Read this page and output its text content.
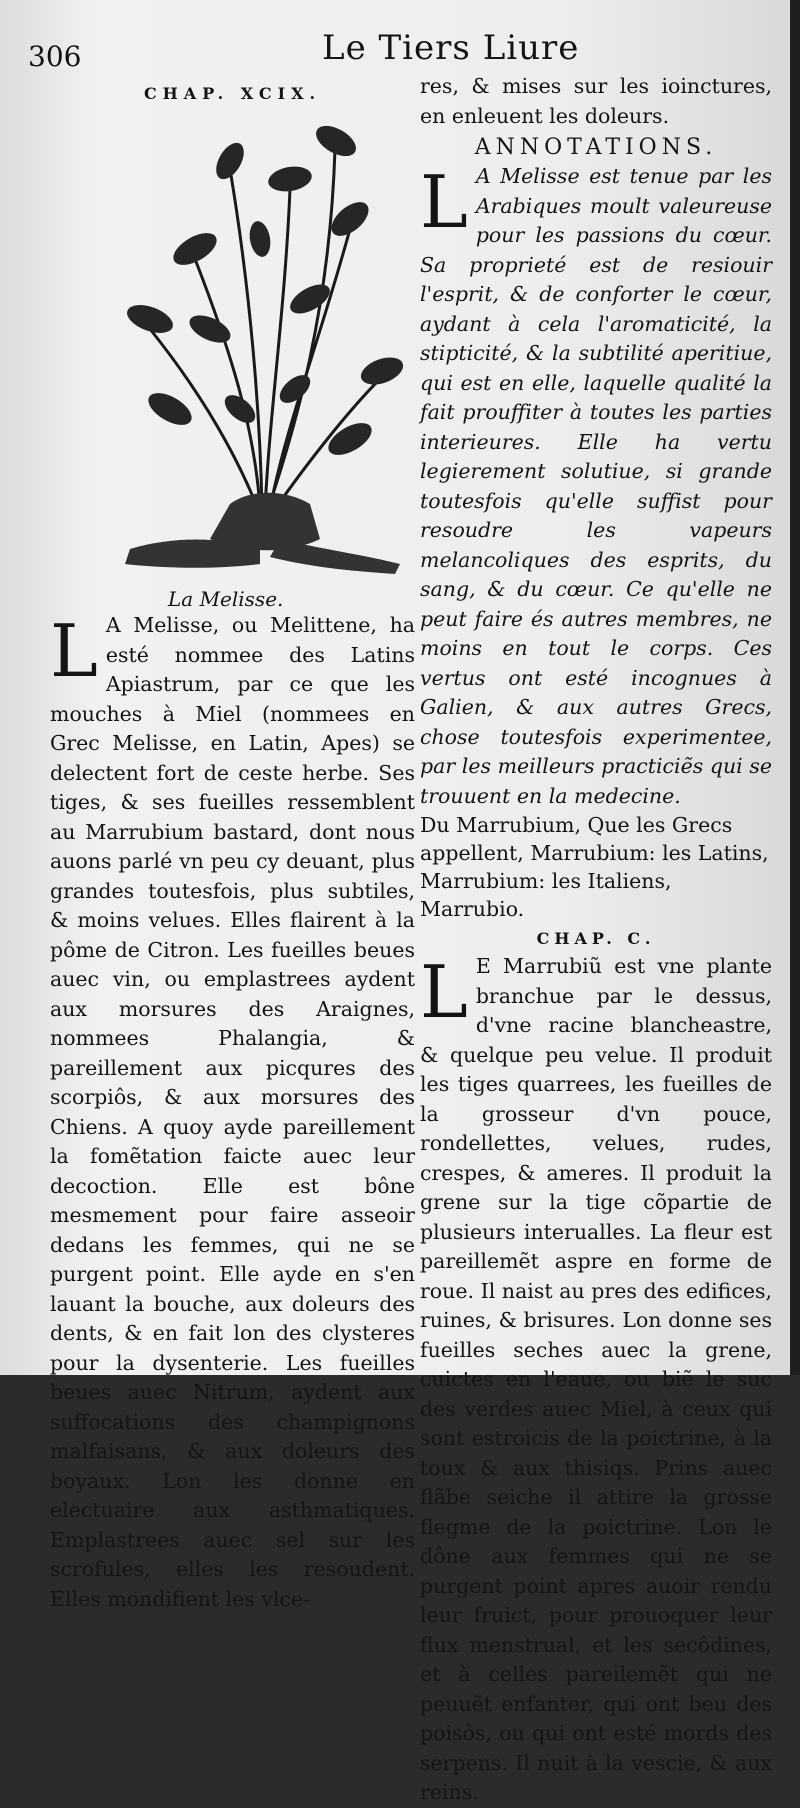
306	Le Tiers Liure
CHAP. XCIX.
La Melisse.

L A Melisse, ou Melittene, ha esté nommee des Latins Apiastrum, par ce que les mouches à Miel (nommees en Grec Melisse, en Latin, Apes) se delectent fort de ceste herbe. Ses tiges, & ses fueilles ressemblent au Marrubium bastard, dont nous auons parlé vn peu cy deuant, plus grandes toutesfois, plus subtiles, & moins velues. Elles flairent à la pôme de Citron. Les fueilles beues auec vin, ou emplastrees aydent aux morsures des Araignes, nommees Phalangia, & pareillement aux picqures des scorpiôs, & aux morsures des Chiens. A quoy ayde pareillement la fomẽtation faicte auec leur decoction. Elle est bône mesmement pour faire asseoir dedans les femmes, qui ne se purgent point. Elle ayde en s'en lauant la bouche, aux doleurs des dents, & en fait lon des clysteres pour la dysenterie. Les fueilles beues auec Nitrum, aydent aux suffocations des champignons malfaisans, & aux doleurs des boyaux. Lon les donne en electuaire aux asthmatiques. Emplastrees auec sel sur les scrofules, elles les resoudent. Elles mondifient les vlce-

res, & mises sur les ioinctures, en enleuent les doleurs.

ANNOTATIONS.

L A Melisse est tenue par les Arabiques moult valeureuse pour les passions du cœur. Sa proprieté est de resiouir l'esprit, & de conforter le cœur, aydant à cela l'aromaticité, la stipticité, & la subtilité aperitiue, qui est en elle, laquelle qualité la fait prouffiter à toutes les parties interieures. Elle ha vertu legierement solutiue, si grande toutesfois qu'elle suffist pour resoudre les vapeurs melancoliques des esprits, du sang, & du cœur. Ce qu'elle ne peut faire és autres membres, ne moins en tout le corps. Ces vertus ont esté incognues à Galien, & aux autres Grecs, chose toutesfois experimentee, par les meilleurs practiciẽs qui se trouuent en la medecine.

Du Marrubium, Que les Grecs appellent, Marrubium: les Latins, Marrubium: les Italiens, Marrubio.

CHAP. C.

L E Marrubiũ est vne plante branchue par le dessus, d'vne racine blancheastre, & quelque peu velue. Il produit les tiges quarrees, les fueilles de la grosseur d'vn pouce, rondellettes, velues, rudes, crespes, & ameres. Il produit la grene sur la tige cõpartie de plusieurs interualles. La fleur est pareillemẽt aspre en forme de roue. Il naist au pres des edifices, ruines, & brisures. Lon donne ses fueilles seches auec la grene, cuictes en l'eaue, ou biẽ le suc des verdes auec Miel, à ceux qui sont estroicis de la poictrine, à la toux & aux thisiqs. Prins auec flãbe seiche il attire la grosse flegme de la poictrine. Lon le dône aux femmes qui ne se purgent point apres auoir rendu leur fruict, pour prouoquer leur flux menstrual, et les secôdines, et à celles pareilemẽt qui ne peuuẽt enfanter, qui ont beu des poisôs, ou qui ont esté mords des serpens. Il nuit à la vescie, & aux reins.
